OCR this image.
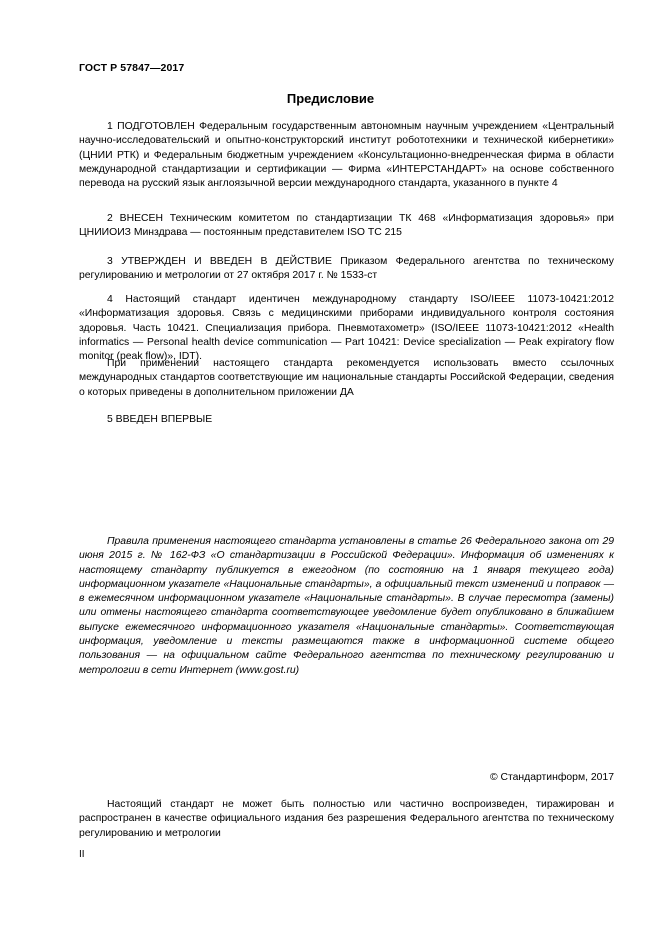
ГОСТ Р 57847—2017
Предисловие
1 ПОДГОТОВЛЕН Федеральным государственным автономным научным учреждением «Центральный научно-исследовательский и опытно-конструкторский институт робототехники и технической кибернетики» (ЦНИИ РТК) и Федеральным бюджетным учреждением «Консультационно-внедренческая фирма в области международной стандартизации и сертификации — Фирма «ИНТЕРСТАНДАРТ» на основе собственного перевода на русский язык англоязычной версии международного стандарта, указанного в пункте 4
2 ВНЕСЕН Техническим комитетом по стандартизации ТК 468 «Информатизация здоровья» при ЦНИИОИЗ Минздрава — постоянным представителем ISO ТС 215
3 УТВЕРЖДЕН И ВВЕДЕН В ДЕЙСТВИЕ Приказом Федерального агентства по техническому регулированию и метрологии от 27 октября 2017 г. № 1533-ст
4 Настоящий стандарт идентичен международному стандарту ISO/IEEE 11073-10421:2012 «Информатизация здоровья. Связь с медицинскими приборами индивидуального контроля состояния здоровья. Часть 10421. Специализация прибора. Пневмотахометр» (ISO/IEEE 11073-10421:2012 «Health informatics — Personal health device communication — Part 10421: Device specialization — Peak expiratory flow monitor (peak flow)», IDT).
При применении настоящего стандарта рекомендуется использовать вместо ссылочных международных стандартов соответствующие им национальные стандарты Российской Федерации, сведения о которых приведены в дополнительном приложении ДА
5 ВВЕДЕН ВПЕРВЫЕ
Правила применения настоящего стандарта установлены в статье 26 Федерального закона от 29 июня 2015 г. № 162-ФЗ «О стандартизации в Российской Федерации». Информация об изменениях к настоящему стандарту публикуется в ежегодном (по состоянию на 1 января текущего года) информационном указателе «Национальные стандарты», а официальный текст изменений и поправок — в ежемесячном информационном указателе «Национальные стандарты». В случае пересмотра (замены) или отмены настоящего стандарта соответствующее уведомление будет опубликовано в ближайшем выпуске ежемесячного информационного указателя «Национальные стандарты». Соответствующая информация, уведомление и тексты размещаются также в информационной системе общего пользования — на официальном сайте Федерального агентства по техническому регулированию и метрологии в сети Интернет (www.gost.ru)
© Стандартинформ, 2017
Настоящий стандарт не может быть полностью или частично воспроизведен, тиражирован и распространен в качестве официального издания без разрешения Федерального агентства по техническому регулированию и метрологии
II
